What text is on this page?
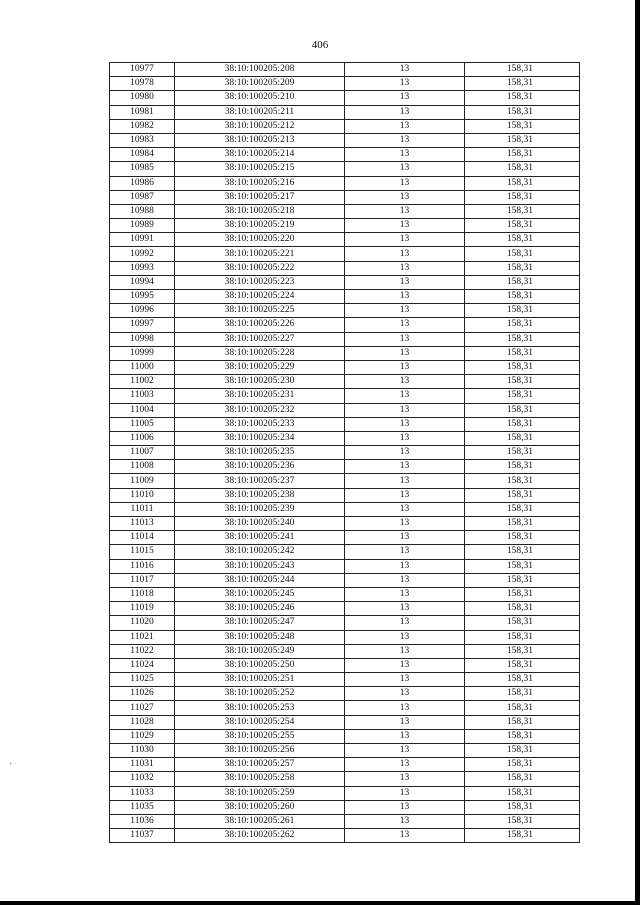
406
10977	38:10:100205:208	13	158,31
10978	38:10:100205:209	13	158,31
10980	38:10:100205:210	13	158,31
10981	38:10:100205:211	13	158,31
10982	38:10:100205:212	13	158,31
10983	38:10:100205:213	13	158,31
10984	38:10:100205:214	13	158,31
10985	38:10:100205:215	13	158,31
10986	38:10:100205:216	13	158,31
10987	38:10:100205:217	13	158,31
10988	38:10:100205:218	13	158,31
10989	38:10:100205:219	13	158,31
10991	38:10:100205:220	13	158,31
10992	38:10:100205:221	13	158,31
10993	38:10:100205:222	13	158,31
10994	38:10:100205:223	13	158,31
10995	38:10:100205:224	13	158,31
10996	38:10:100205:225	13	158,31
10997	38:10:100205:226	13	158,31
10998	38:10:100205:227	13	158,31
10999	38:10:100205:228	13	158,31
11000	38:10:100205:229	13	158,31
11002	38:10:100205:230	13	158,31
11003	38:10:100205:231	13	158,31
11004	38:10:100205:232	13	158,31
11005	38:10:100205:233	13	158,31
11006	38:10:100205:234	13	158,31
11007	38:10:100205:235	13	158,31
11008	38:10:100205:236	13	158,31
11009	38:10:100205:237	13	158,31
11010	38:10:100205:238	13	158,31
11011	38:10:100205:239	13	158,31
11013	38:10:100205:240	13	158,31
11014	38:10:100205:241	13	158,31
11015	38:10:100205:242	13	158,31
11016	38:10:100205:243	13	158,31
11017	38:10:100205:244	13	158,31
11018	38:10:100205:245	13	158,31
11019	38:10:100205:246	13	158,31
11020	38:10:100205:247	13	158,31
11021	38:10:100205:248	13	158,31
11022	38:10:100205:249	13	158,31
11024	38:10:100205:250	13	158,31
11025	38:10:100205:251	13	158,31
11026	38:10:100205:252	13	158,31
11027	38:10:100205:253	13	158,31
11028	38:10:100205:254	13	158,31
11029	38:10:100205:255	13	158,31
11030	38:10:100205:256	13	158,31
11031	38:10:100205:257	13	158,31
11032	38:10:100205:258	13	158,31
11033	38:10:100205:259	13	158,31
11035	38:10:100205:260	13	158,31
11036	38:10:100205:261	13	158,31
11037	38:10:100205:262	13	158,31
